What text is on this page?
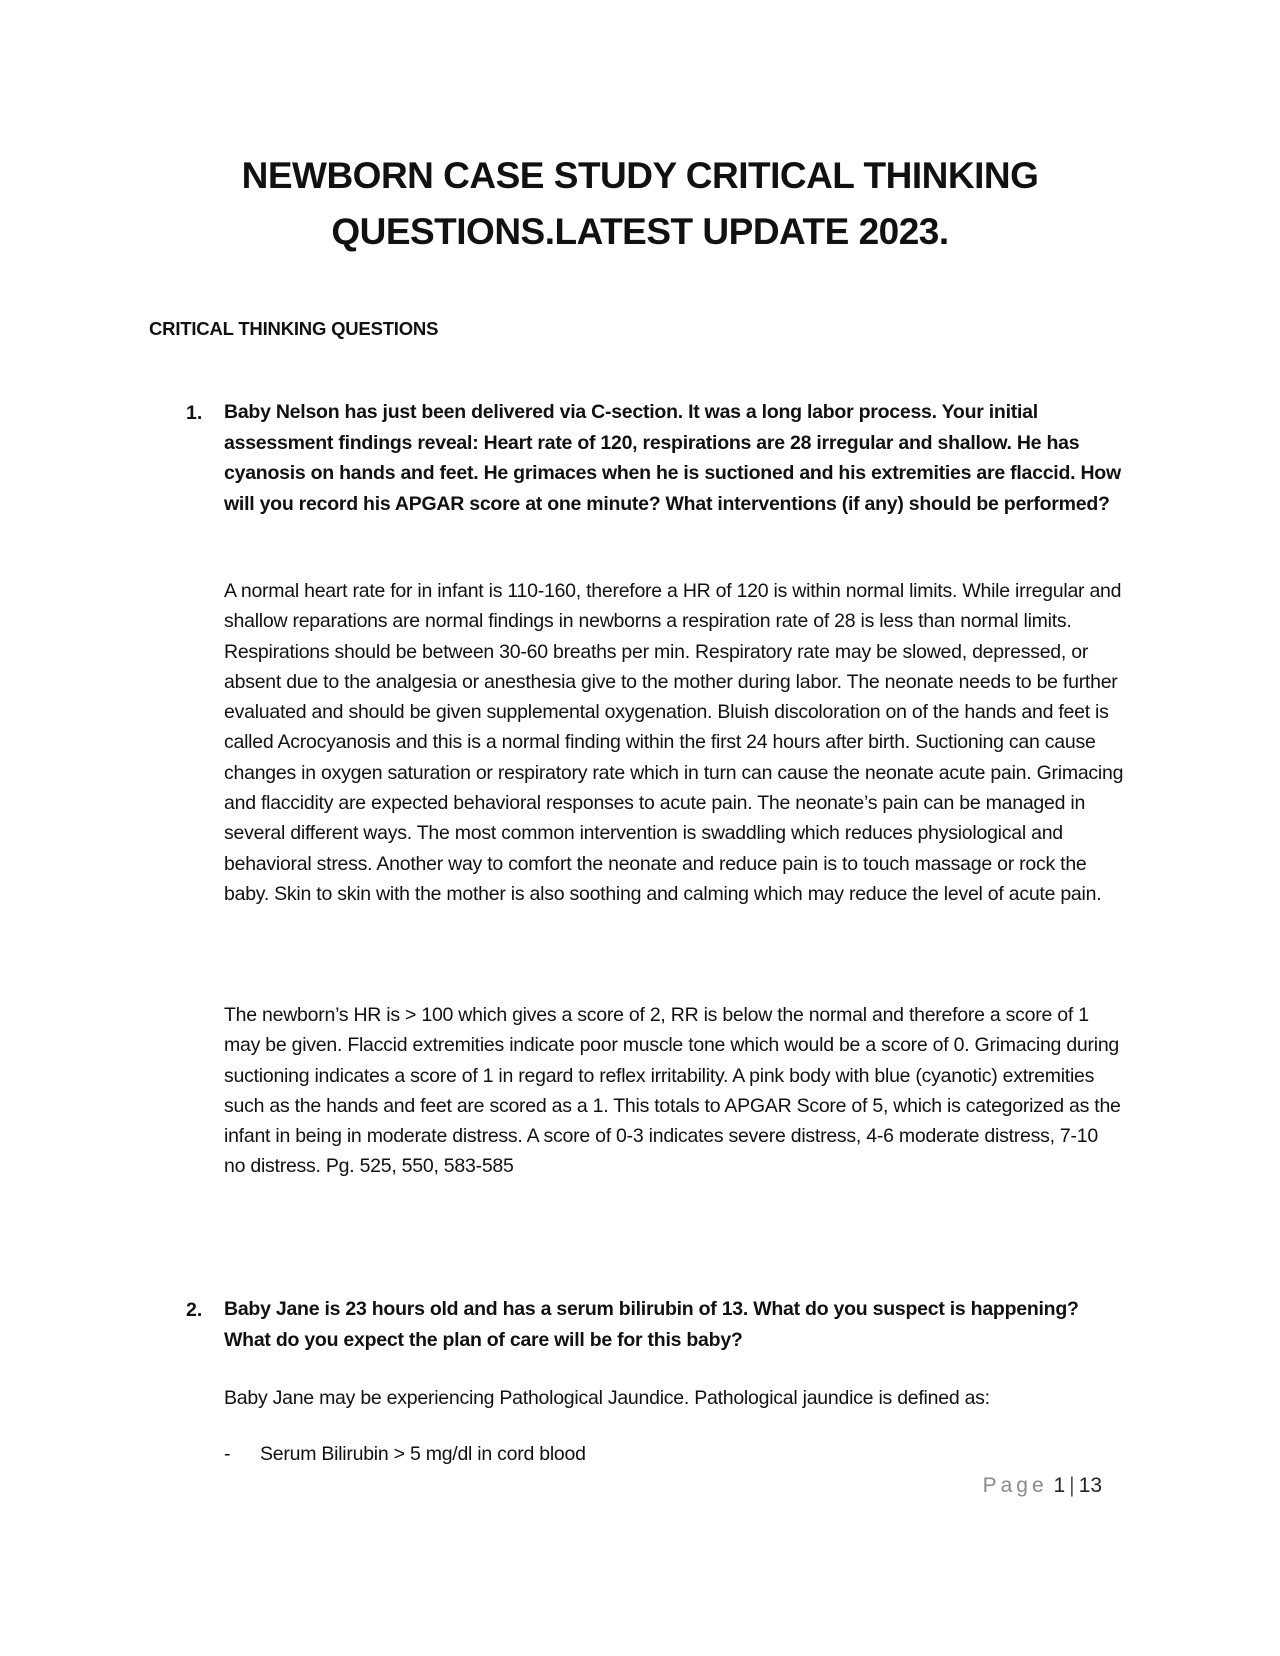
NEWBORN CASE STUDY CRITICAL THINKING
QUESTIONS.LATEST UPDATE 2023.
CRITICAL THINKING QUESTIONS
1. Baby Nelson has just been delivered via C-section. It was a long labor process. Your initial assessment findings reveal: Heart rate of 120, respirations are 28 irregular and shallow. He has cyanosis on hands and feet. He grimaces when he is suctioned and his extremities are flaccid. How will you record his APGAR score at one minute? What interventions (if any) should be performed?

A normal heart rate for in infant is 110-160, therefore a HR of 120 is within normal limits. While irregular and shallow reparations are normal findings in newborns a respiration rate of 28 is less than normal limits. Respirations should be between 30-60 breaths per min. Respiratory rate may be slowed, depressed, or absent due to the analgesia or anesthesia give to the mother during labor. The neonate needs to be further evaluated and should be given supplemental oxygenation. Bluish discoloration on of the hands and feet is called Acrocyanosis and this is a normal finding within the first 24 hours after birth. Suctioning can cause changes in oxygen saturation or respiratory rate which in turn can cause the neonate acute pain. Grimacing and flaccidity are expected behavioral responses to acute pain. The neonate’s pain can be managed in several different ways. The most common intervention is swaddling which reduces physiological and behavioral stress. Another way to comfort the neonate and reduce pain is to touch massage or rock the baby. Skin to skin with the mother is also soothing and calming which may reduce the level of acute pain.

The newborn’s HR is > 100 which gives a score of 2, RR is below the normal and therefore a score of 1 may be given. Flaccid extremities indicate poor muscle tone which would be a score of 0. Grimacing during suctioning indicates a score of 1 in regard to reflex irritability. A pink body with blue (cyanotic) extremities such as the hands and feet are scored as a 1. This totals to APGAR Score of 5, which is categorized as the infant in being in moderate distress. A score of 0-3 indicates severe distress, 4-6 moderate distress, 7-10 no distress. Pg. 525, 550, 583-585

2. Baby Jane is 23 hours old and has a serum bilirubin of 13. What do you suspect is happening? What do you expect the plan of care will be for this baby?

Baby Jane may be experiencing Pathological Jaundice. Pathological jaundice is defined as:

- Serum Bilirubin > 5 mg/dl in cord blood
Page 1 | 13
